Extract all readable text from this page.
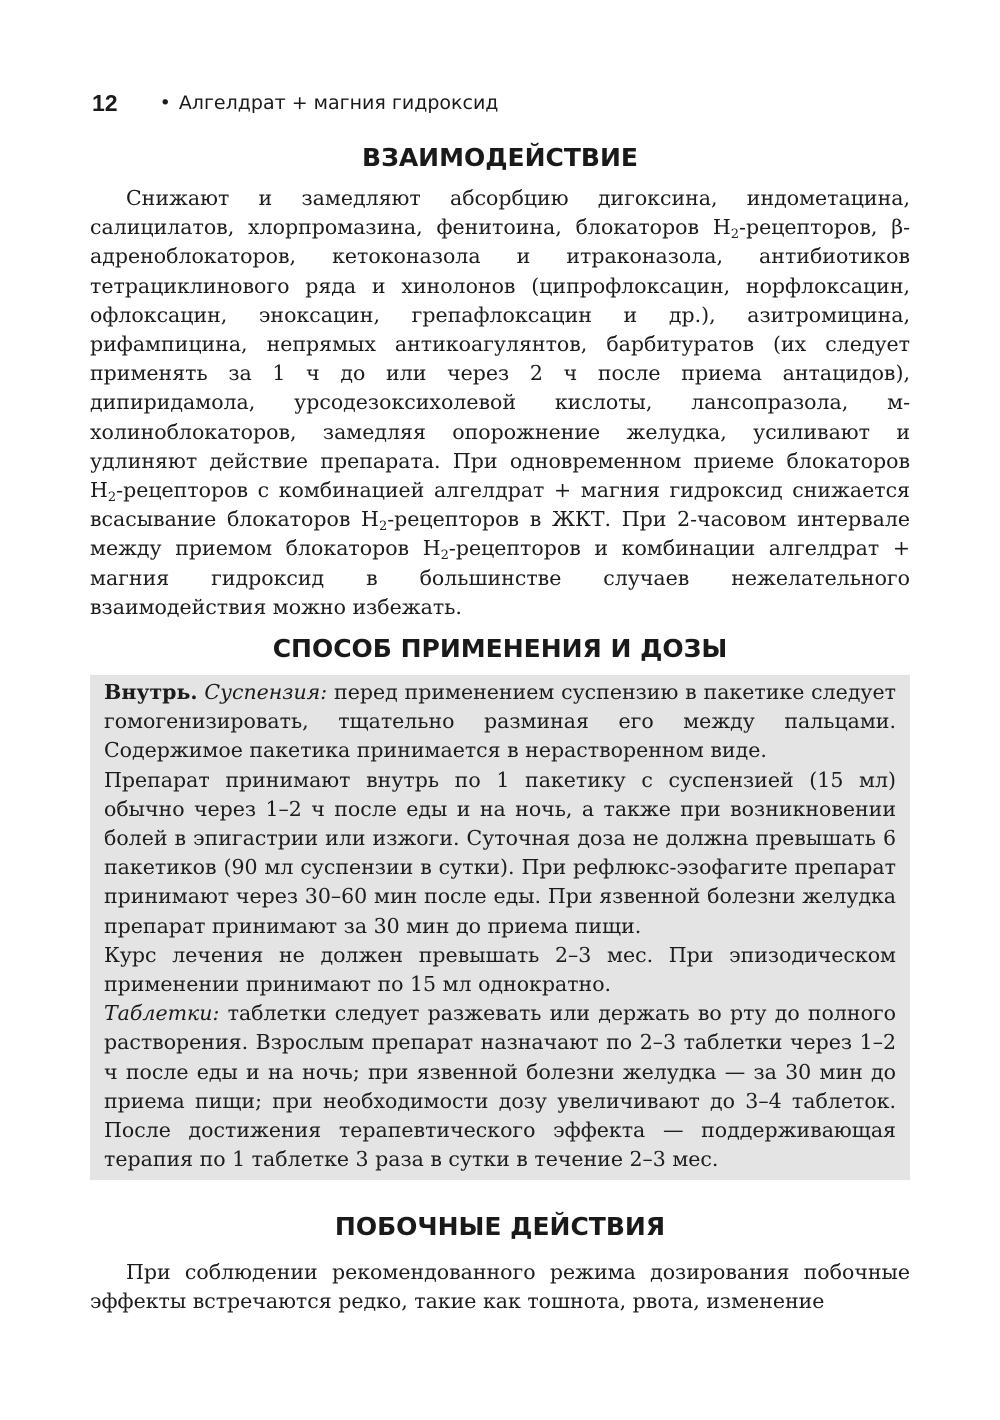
12 • Алгелдрат + магния гидроксид
ВЗАИМОДЕЙСТВИЕ

Снижают и замедляют абсорбцию дигоксина, индометацина, салицилатов, хлорпромазина, фенитоина, блокаторов $Н_2$-рецепторов, β-адреноблокаторов, кетоконазола и итраконазола, антибиотиков тетрациклинового ряда и хинолонов (ципрофлоксацин, норфлоксацин, офлоксацин, эноксацин, грепафлоксацин и др.), азитромицина, рифампицина, непрямых антикоагулянтов, барбитуратов (их следует применять за 1 ч до или через 2 ч после приема антацидов), дипиридамола, урсодезоксихолевой кислоты, лансопразола, м-холиноблокаторов, замедляя опорожнение желудка, усиливают и удлиняют действие препарата. При одновременном приеме блокаторов $Н_2$-рецепторов с комбинацией алгелдрат + магния гидроксид снижается всасывание блокаторов $Н_2$-рецепторов в ЖКТ. При 2-часовом интервале между приемом блокаторов $Н_2$-рецепторов и комбинации алгелдрат + магния гидроксид в большинстве случаев нежелательного взаимодействия можно избежать.

СПОСОБ ПРИМЕНЕНИЯ И ДОЗЫ

Внутрь. Суспензия: перед применением суспензию в пакетике следует гомогенизировать, тщательно разминая его между пальцами. Содержимое пакетика принимается в нерастворенном виде.

Препарат принимают внутрь по 1 пакетику с суспензией (15 мл) обычно через 1–2 ч после еды и на ночь, а также при возникновении болей в эпигастрии или изжоги. Суточная доза не должна превышать 6 пакетиков (90 мл суспензии в сутки). При рефлюкс-эзофагите препарат принимают через 30–60 мин после еды. При язвенной болезни желудка препарат принимают за 30 мин до приема пищи.

Курс лечения не должен превышать 2–3 мес. При эпизодическом применении принимают по 15 мл однократно.

Таблетки: таблетки следует разжевать или держать во рту до полного растворения. Взрослым препарат назначают по 2–3 таблетки через 1–2 ч после еды и на ночь; при язвенной болезни желудка — за 30 мин до приема пищи; при необходимости дозу увеличивают до 3–4 таблеток. После достижения терапевтического эффекта — поддерживающая терапия по 1 таблетке 3 раза в сутки в течение 2–3 мес.

ПОБОЧНЫЕ ДЕЙСТВИЯ

При соблюдении рекомендованного режима дозирования побочные эффекты встречаются редко, такие как тошнота, рвота, изменение
